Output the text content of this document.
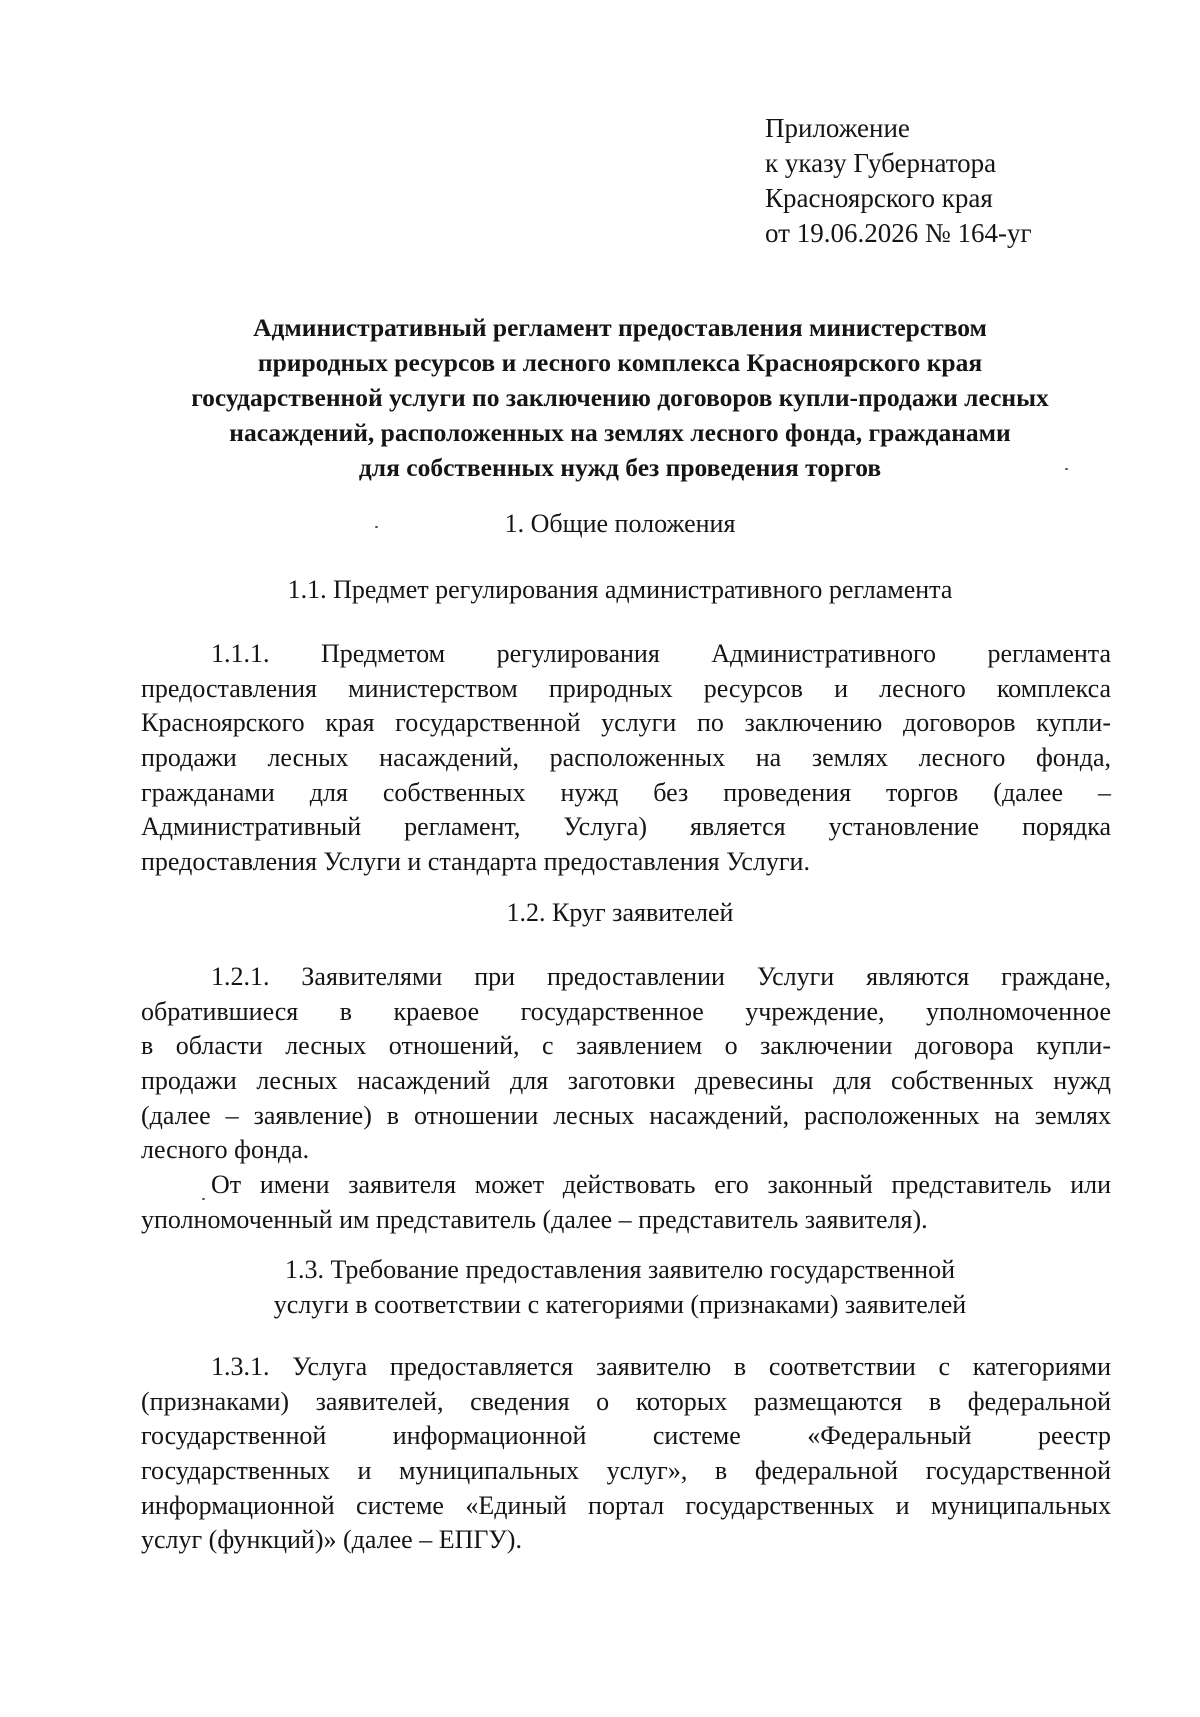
Приложение
к указу Губернатора
Красноярского края
от 19.06.2026 № 164-уг
Административный регламент предоставления министерством
природных ресурсов и лесного комплекса Красноярского края
государственной услуги по заключению договоров купли-продажи лесных
насаждений, расположенных на землях лесного фонда, гражданами
для собственных нужд без проведения торгов
1. Общие положения
1.1. Предмет регулирования административного регламента
1.1.1. Предметом регулирования Административного регламента
предоставления министерством природных ресурсов и лесного комплекса
Красноярского края государственной услуги по заключению договоров купли-
продажи лесных насаждений, расположенных на землях лесного фонда,
гражданами для собственных нужд без проведения торгов (далее –
Административный регламент, Услуга) является установление порядка
предоставления Услуги и стандарта предоставления Услуги.
1.2. Круг заявителей
1.2.1. Заявителями при предоставлении Услуги являются граждане,
обратившиеся в краевое государственное учреждение, уполномоченное
в области лесных отношений, с заявлением о заключении договора купли-
продажи лесных насаждений для заготовки древесины для собственных нужд
(далее – заявление) в отношении лесных насаждений, расположенных на землях
лесного фонда.
От имени заявителя может действовать его законный представитель или
уполномоченный им представитель (далее – представитель заявителя).
1.3. Требование предоставления заявителю государственной
услуги в соответствии с категориями (признаками) заявителей
1.3.1. Услуга предоставляется заявителю в соответствии с категориями
(признаками) заявителей, сведения о которых размещаются в федеральной
государственной информационной системе «Федеральный реестр
государственных и муниципальных услуг», в федеральной государственной
информационной системе «Единый портал государственных и муниципальных
услуг (функций)» (далее – ЕПГУ).
